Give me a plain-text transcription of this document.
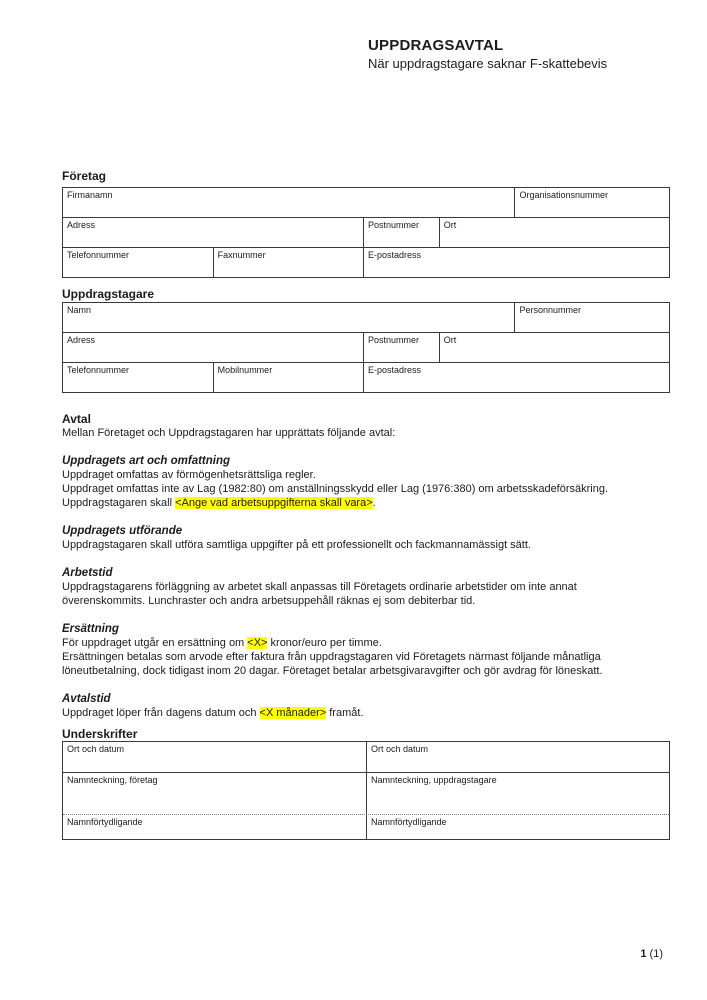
UPPDRAGSAVTAL
När uppdragstagare saknar F-skattebevis
Företag
Firmanamn	Organisationsnummer
Adress	Postnummer	Ort
Telefonnummer	Faxnummer	E-postadress
Uppdragstagare
Namn	Personnummer
Adress	Postnummer	Ort
Telefonnummer	Mobilnummer	E-postadress
Avtal
Mellan Företaget och Uppdragstagaren har upprättats följande avtal:
Uppdragets art och omfattning
Uppdraget omfattas av förmögenhetsrättsliga regler.
Uppdraget omfattas inte av Lag (1982:80) om anställningsskydd eller Lag (1976:380) om arbetsskadeförsäkring.
Uppdragstagaren skall <Ange vad arbetsuppgifterna skall vara>.
Uppdragets utförande
Uppdragstagaren skall utföra samtliga uppgifter på ett professionellt och fackmannamässigt sätt.
Arbetstid
Uppdragstagarens förläggning av arbetet skall anpassas till Företagets ordinarie arbetstider om inte annat
överenskommits. Lunchraster och andra arbetsuppehåll räknas ej som debiterbar tid.
Ersättning
För uppdraget utgår en ersättning om <X> kronor/euro per timme.
Ersättningen betalas som arvode efter faktura från uppdragstagaren vid Företagets närmast följande månatliga
löneutbetalning, dock tidigast inom 20 dagar. Företaget betalar arbetsgivaravgifter och gör avdrag för löneskatt.
Avtalstid
Uppdraget löper från dagens datum och <X månader> framåt.
Underskrifter
Ort och datum	Ort och datum
Namnteckning, företag	Namnteckning, uppdragstagare
Namnförtydligande	Namnförtydligande
1 (1)
